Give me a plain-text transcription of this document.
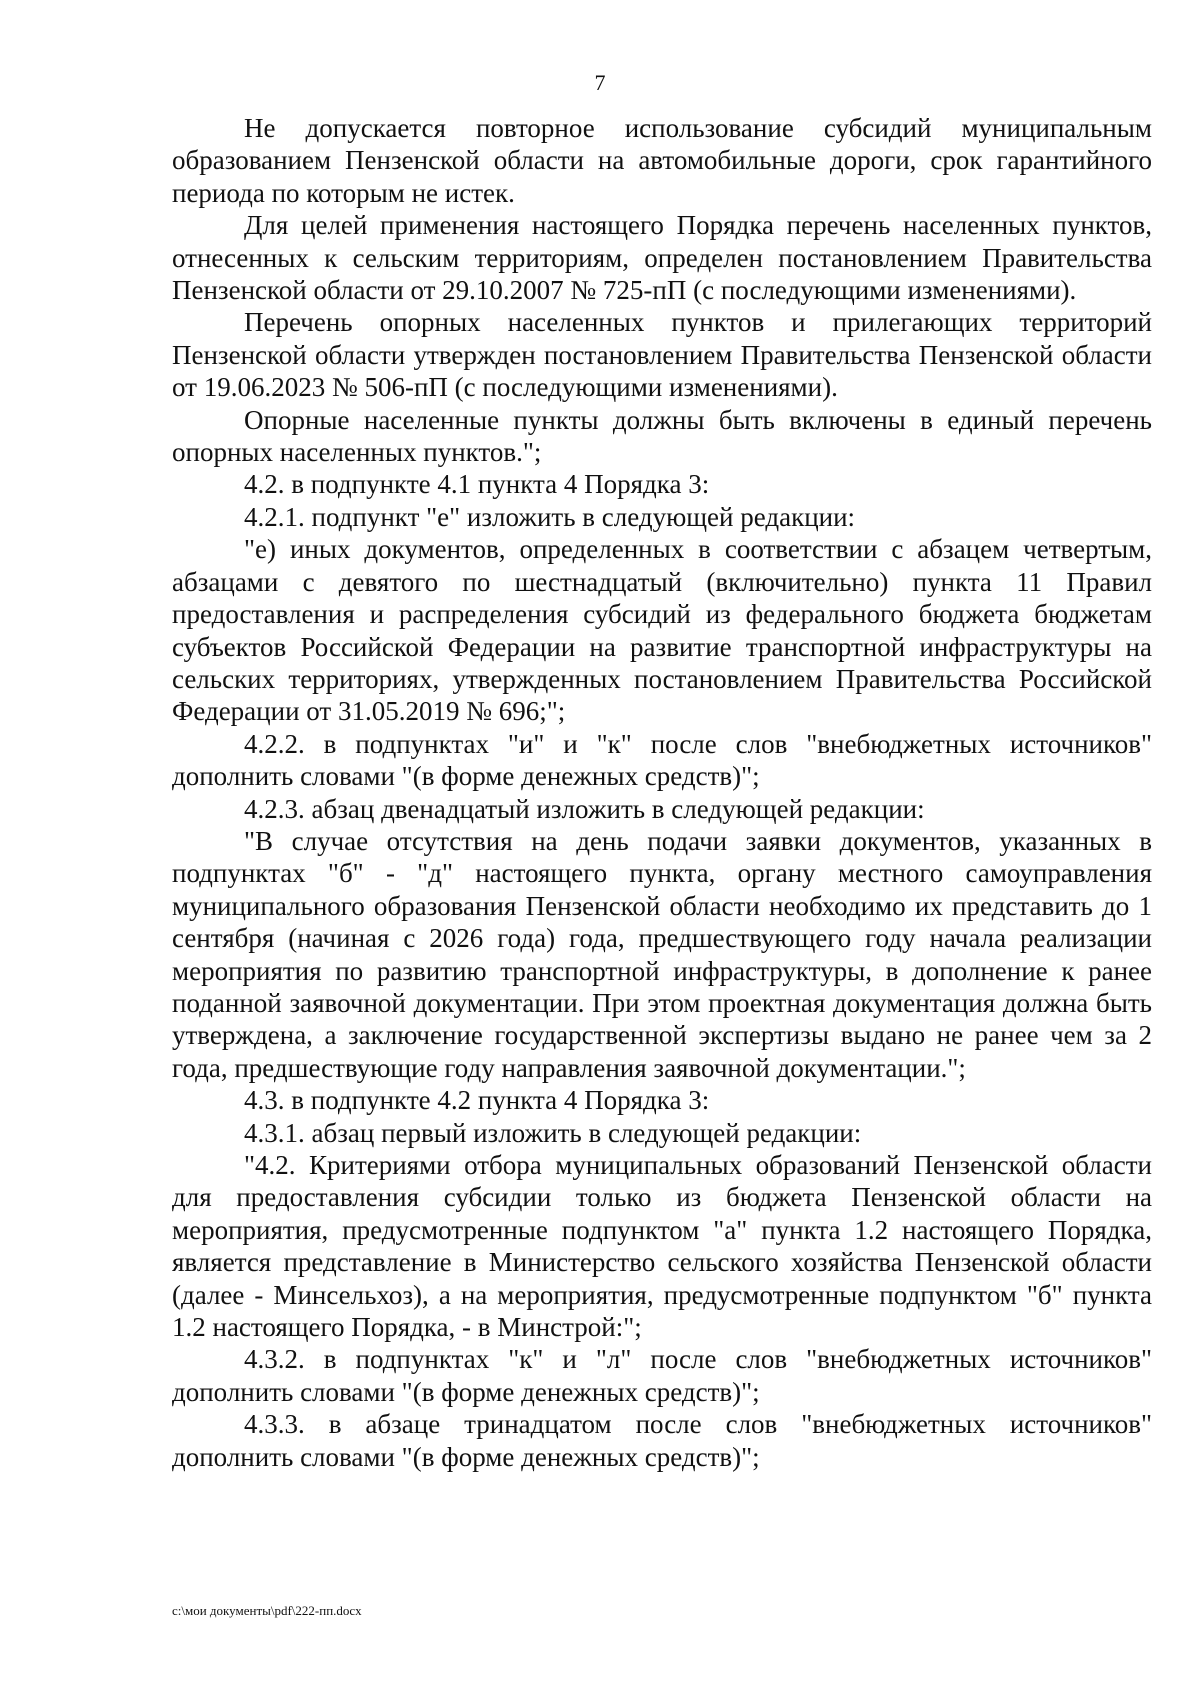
7

Не допускается повторное использование субсидий муниципальным образованием Пензенской области на автомобильные дороги, срок гарантийного периода по которым не истек.

Для целей применения настоящего Порядка перечень населенных пунктов, отнесенных к сельским территориям, определен постановлением Правительства Пензенской области от 29.10.2007 № 725-пП (с последующими изменениями).

Перечень опорных населенных пунктов и прилегающих территорий Пензенской области утвержден постановлением Правительства Пензенской области от 19.06.2023 № 506-пП (с последующими изменениями).

Опорные населенные пункты должны быть включены в единый перечень опорных населенных пунктов.";

4.2. в подпункте 4.1 пункта 4 Порядка 3:

4.2.1. подпункт "е" изложить в следующей редакции:

"е) иных документов, определенных в соответствии с абзацем четвертым, абзацами с девятого по шестнадцатый (включительно) пункта 11 Правил предоставления и распределения субсидий из федерального бюджета бюджетам субъектов Российской Федерации на развитие транспортной инфраструктуры на сельских территориях, утвержденных постановлением Правительства Российской Федерации от 31.05.2019 № 696;";

4.2.2. в подпунктах "и" и "к" после слов "внебюджетных источников" дополнить словами "(в форме денежных средств)";

4.2.3. абзац двенадцатый изложить в следующей редакции:

"В случае отсутствия на день подачи заявки документов, указанных в подпунктах "б" - "д" настоящего пункта, органу местного самоуправления муниципального образования Пензенской области необходимо их представить до 1 сентября (начиная с 2026 года) года, предшествующего году начала реализации мероприятия по развитию транспортной инфраструктуры, в дополнение к ранее поданной заявочной документации. При этом проектная документация должна быть утверждена, а заключение государственной экспертизы выдано не ранее чем за 2 года, предшествующие году направления заявочной документации.";

4.3. в подпункте 4.2 пункта 4 Порядка 3:

4.3.1. абзац первый изложить в следующей редакции:

"4.2. Критериями отбора муниципальных образований Пензенской области для предоставления субсидии только из бюджета Пензенской области на мероприятия, предусмотренные подпунктом "а" пункта 1.2 настоящего Порядка, является представление в Министерство сельского хозяйства Пензенской области (далее - Минсельхоз), а на мероприятия, предусмотренные подпунктом "б" пункта 1.2 настоящего Порядка, - в Минстрой:";

4.3.2. в подпунктах "к" и "л" после слов "внебюджетных источников" дополнить словами "(в форме денежных средств)";

4.3.3. в абзаце тринадцатом после слов "внебюджетных источников" дополнить словами "(в форме денежных средств)";

c:\мои документы\pdf\222-пп.docx
